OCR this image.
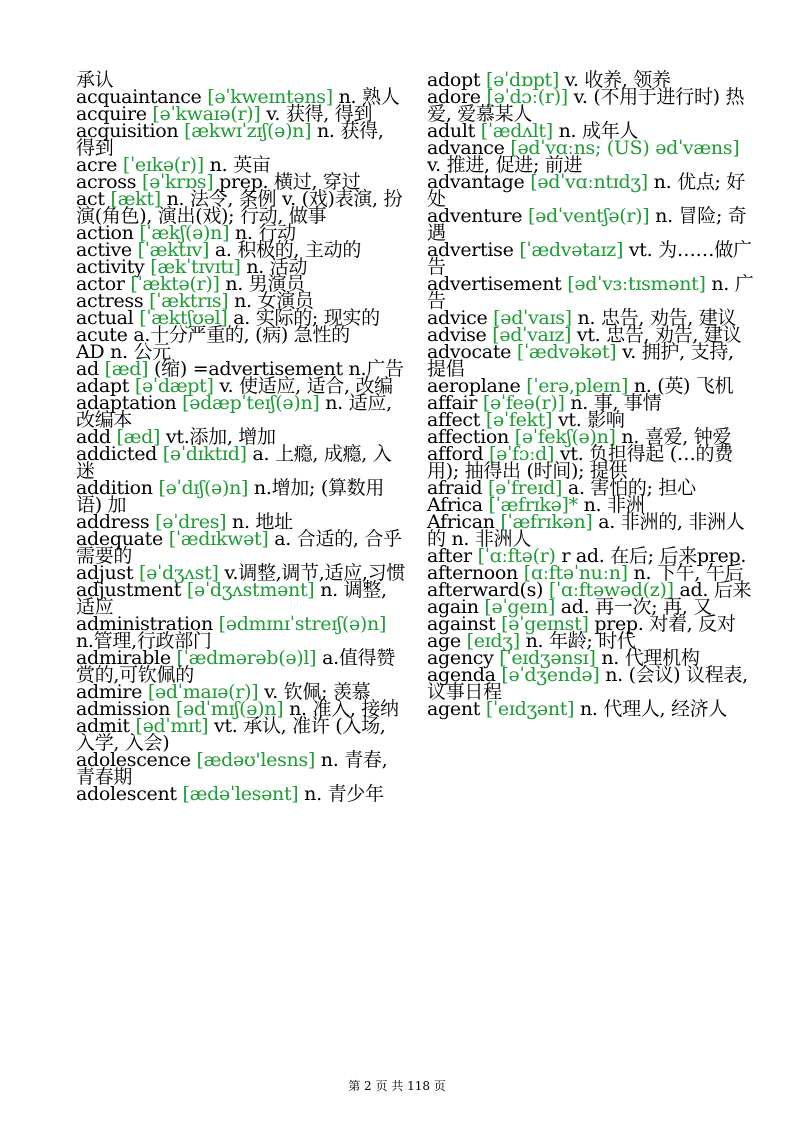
承认
acquaintance [əˈkweɪntəns] n. 熟人
acquire [əˈkwaɪə(r)] v. 获得, 得到
acquisition [ækwɪˈzɪʃ(ə)n] n. 获得, 得到
acre [ˈeɪkə(r)] n. 英亩
across [əˈkrɒs] prep. 横过, 穿过
act [ækt] n. 法令, 条例 v. (戏)表演, 扮演(角色), 演出(戏); 行动, 做事
action [ˈækʃ(ə)n] n. 行动
active [ˈæktɪv] a. 积极的, 主动的
activity [ækˈtɪvɪtɪ] n. 活动
actor [ˈæktə(r)] n. 男演员
actress [ˈæktrɪs] n. 女演员
actual [ˈæktʃʊəl] a. 实际的; 现实的
acute a.十分严重的, (病) 急性的
AD n. 公元
ad [æd] (缩) =advertisement n.广告
adapt [əˈdæpt] v. 使适应, 适合, 改编
adaptation [ədæpˈteɪʃ(ə)n] n. 适应, 改编本
add [æd] vt.添加, 增加
addicted [əˈdɪktɪd] a. 上瘾, 成瘾, 入迷
addition [əˈdɪʃ(ə)n] n.增加; (算数用语) 加
address [əˈdres] n. 地址
adequate [ˈædɪkwət] a. 合适的, 合乎需要的
adjust [əˈdʒʌst] v.调整,调节,适应,习惯
adjustment [əˈdʒʌstmənt] n. 调整, 适应
administration [ədmɪnɪˈstreɪʃ(ə)n] n.管理,行政部门
admirable [ˈædmərəb(ə)l] a.值得赞赏的,可钦佩的
admire [ədˈmaɪə(r)] v. 钦佩; 羡慕
admission [ədˈmɪʃ(ə)n] n. 准入, 接纳
admit [ədˈmɪt] vt. 承认, 准许 (入场, 入学, 入会)
adolescence [ædəʊ'lesns] n. 青春, 青春期
adolescent [ædəˈlesənt] n. 青少年
adopt [əˈdɒpt] v. 收养, 领养
adore [əˈdɔː(r)] v. (不用于进行时) 热爱, 爱慕某人
adult [ˈædʌlt] n. 成年人
advance [ədˈvɑːns; (US) ədˈvæns] v. 推进, 促进; 前进
advantage [ədˈvɑːntɪdʒ] n. 优点; 好处
adventure [ədˈventʃə(r)] n. 冒险; 奇遇
advertise [ˈædvətaɪz] vt. 为……做广告
advertisement [ədˈvɜːtɪsmənt] n. 广告
advice [ədˈvaɪs] n. 忠告, 劝告, 建议
advise [ədˈvaɪz] vt. 忠告, 劝告, 建议
advocate [ˈædvəkət] v. 拥护, 支持, 提倡
aeroplane [ˈerə,pleɪn] n. (英) 飞机
affair [əˈfeə(r)] n. 事, 事情
affect [əˈfekt] vt. 影响
affection [əˈfekʃ(ə)n] n. 喜爱, 钟爱
afford [əˈfɔːd] vt. 负担得起 (…的费用); 抽得出 (时间); 提供
afraid [əˈfreɪd] a. 害怕的; 担心
Africa [ˈæfrɪkə]* n. 非洲
African [ˈæfrɪkən] a. 非洲的, 非洲人的 n. 非洲人
after [ˈɑːftə(r) r ad. 在后; 后来prep.
afternoon [ɑːftəˈnuːn] n. 下午, 午后
afterward(s) [ˈɑːftəwəd(z)] ad. 后来
again [əˈgeɪn] ad. 再一次; 再, 又
against [əˈgeɪnst] prep. 对着, 反对
age [eɪdʒ] n. 年龄; 时代
agency [ˈeɪdʒənsɪ] n. 代理机构
agenda [əˈdʒendə] n. (会议) 议程表, 议事日程
agent [ˈeɪdʒənt] n. 代理人, 经济人
第 2 页 共 118 页
